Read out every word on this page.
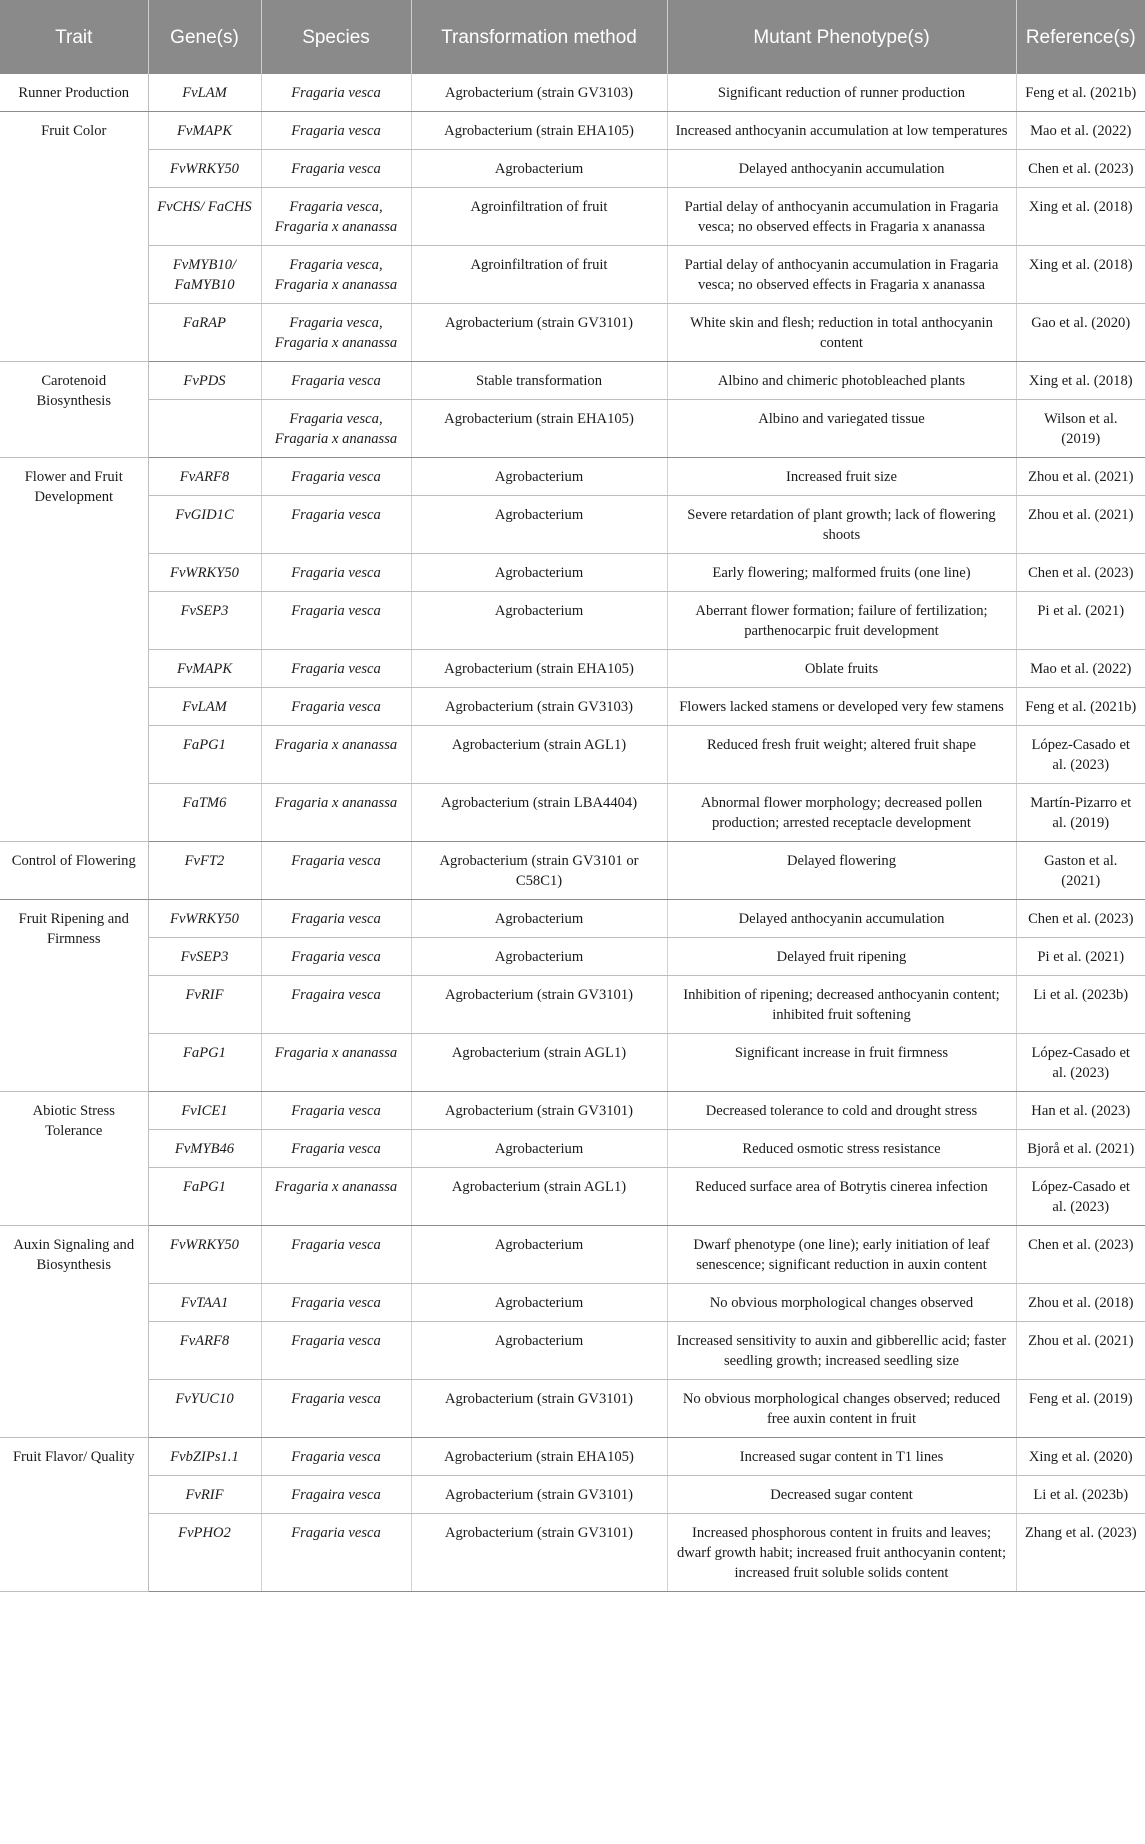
Trait	Gene(s)	Species	Transformation method	Mutant Phenotype(s)	Reference(s)
Runner Production	FvLAM	Fragaria vesca	Agrobacterium (strain GV3103)	Significant reduction of runner production	Feng et al. (2021b)
Fruit Color	FvMAPK	Fragaria vesca	Agrobacterium (strain EHA105)	Increased anthocyanin accumulation at low temperatures	Mao et al. (2022)
	FvWRKY50	Fragaria vesca	Agrobacterium	Delayed anthocyanin accumulation	Chen et al. (2023)
	FvCHS/ FaCHS	Fragaria vesca, Fragaria x ananassa	Agroinfiltration of fruit	Partial delay of anthocyanin accumulation in Fragaria vesca; no observed effects in Fragaria x ananassa	Xing et al. (2018)
	FvMYB10/ FaMYB10	Fragaria vesca, Fragaria x ananassa	Agroinfiltration of fruit	Partial delay of anthocyanin accumulation in Fragaria vesca; no observed effects in Fragaria x ananassa	Xing et al. (2018)
	FaRAP	Fragaria vesca, Fragaria x ananassa	Agrobacterium (strain GV3101)	White skin and flesh; reduction in total anthocyanin content	Gao et al. (2020)
Carotenoid Biosynthesis	FvPDS	Fragaria vesca	Stable transformation	Albino and chimeric photobleached plants	Xing et al. (2018)
		Fragaria vesca, Fragaria x ananassa	Agrobacterium (strain EHA105)	Albino and variegated tissue	Wilson et al. (2019)
Flower and Fruit Development	FvARF8	Fragaria vesca	Agrobacterium	Increased fruit size	Zhou et al. (2021)
	FvGID1C	Fragaria vesca	Agrobacterium	Severe retardation of plant growth; lack of flowering shoots	Zhou et al. (2021)
	FvWRKY50	Fragaria vesca	Agrobacterium	Early flowering; malformed fruits (one line)	Chen et al. (2023)
	FvSEP3	Fragaria vesca	Agrobacterium	Aberrant flower formation; failure of fertilization; parthenocarpic fruit development	Pi et al. (2021)
	FvMAPK	Fragaria vesca	Agrobacterium (strain EHA105)	Oblate fruits	Mao et al. (2022)
	FvLAM	Fragaria vesca	Agrobacterium (strain GV3103)	Flowers lacked stamens or developed very few stamens	Feng et al. (2021b)
	FaPG1	Fragaria x ananassa	Agrobacterium (strain AGL1)	Reduced fresh fruit weight; altered fruit shape	López-Casado et al. (2023)
	FaTM6	Fragaria x ananassa	Agrobacterium (strain LBA4404)	Abnormal flower morphology; decreased pollen production; arrested receptacle development	Martín-Pizarro et al. (2019)
Control of Flowering	FvFT2	Fragaria vesca	Agrobacterium (strain GV3101 or C58C1)	Delayed flowering	Gaston et al. (2021)
Fruit Ripening and Firmness	FvWRKY50	Fragaria vesca	Agrobacterium	Delayed anthocyanin accumulation	Chen et al. (2023)
	FvSEP3	Fragaria vesca	Agrobacterium	Delayed fruit ripening	Pi et al. (2021)
	FvRIF	Fragaira vesca	Agrobacterium (strain GV3101)	Inhibition of ripening; decreased anthocyanin content; inhibited fruit softening	Li et al. (2023b)
	FaPG1	Fragaria x ananassa	Agrobacterium (strain AGL1)	Significant increase in fruit firmness	López-Casado et al. (2023)
Abiotic Stress Tolerance	FvICE1	Fragaria vesca	Agrobacterium (strain GV3101)	Decreased tolerance to cold and drought stress	Han et al. (2023)
	FvMYB46	Fragaria vesca	Agrobacterium	Reduced osmotic stress resistance	Bjorå et al. (2021)
	FaPG1	Fragaria x ananassa	Agrobacterium (strain AGL1)	Reduced surface area of Botrytis cinerea infection	López-Casado et al. (2023)
Auxin Signaling and Biosynthesis	FvWRKY50	Fragaria vesca	Agrobacterium	Dwarf phenotype (one line); early initiation of leaf senescence; significant reduction in auxin content	Chen et al. (2023)
	FvTAA1	Fragaria vesca	Agrobacterium	No obvious morphological changes observed	Zhou et al. (2018)
	FvARF8	Fragaria vesca	Agrobacterium	Increased sensitivity to auxin and gibberellic acid; faster seedling growth; increased seedling size	Zhou et al. (2021)
	FvYUC10	Fragaria vesca	Agrobacterium (strain GV3101)	No obvious morphological changes observed; reduced free auxin content in fruit	Feng et al. (2019)
Fruit Flavor/ Quality	FvbZIPs1.1	Fragaria vesca	Agrobacterium (strain EHA105)	Increased sugar content in T1 lines	Xing et al. (2020)
	FvRIF	Fragaira vesca	Agrobacterium (strain GV3101)	Decreased sugar content	Li et al. (2023b)
	FvPHO2	Fragaria vesca	Agrobacterium (strain GV3101)	Increased phosphorous content in fruits and leaves; dwarf growth habit; increased fruit anthocyanin content; increased fruit soluble solids content	Zhang et al. (2023)
